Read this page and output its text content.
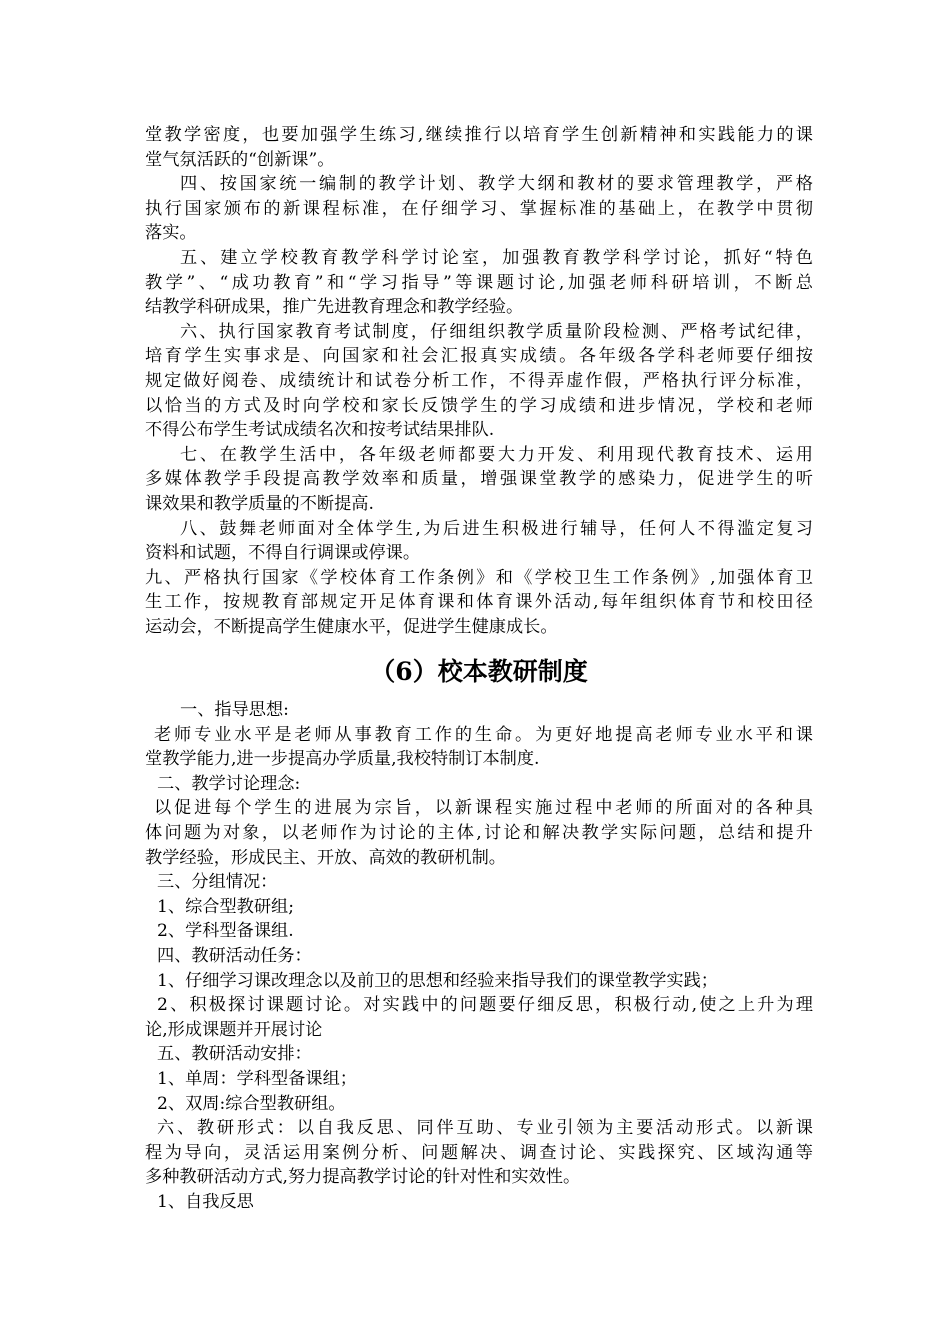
堂教学密度，也要加强学生练习,继续推行以培育学生创新精神和实践能力的课
堂气氛活跃的“创新课”。
四、按国家统一编制的教学计划、教学大纲和教材的要求管理教学，严格
执行国家颁布的新课程标准，在仔细学习、掌握标准的基础上，在教学中贯彻
落实。
五、建立学校教育教学科学讨论室，加强教育教学科学讨论，抓好“特色
教学”、“成功教育”和“学习指导”等课题讨论,加强老师科研培训，不断总
结教学科研成果，推广先进教育理念和教学经验。
六、执行国家教育考试制度，仔细组织教学质量阶段检测、严格考试纪律，
培育学生实事求是、向国家和社会汇报真实成绩。各年级各学科老师要仔细按
规定做好阅卷、成绩统计和试卷分析工作，不得弄虚作假，严格执行评分标准，
以恰当的方式及时向学校和家长反馈学生的学习成绩和进步情况，学校和老师
不得公布学生考试成绩名次和按考试结果排队.
七、在教学生活中，各年级老师都要大力开发、利用现代教育技术、运用
多媒体教学手段提高教学效率和质量，增强课堂教学的感染力，促进学生的听
课效果和教学质量的不断提高.
八、鼓舞老师面对全体学生,为后进生积极进行辅导，任何人不得滥定复习
资料和试题，不得自行调课或停课。
九、严格执行国家《学校体育工作条例》和《学校卫生工作条例》,加强体育卫
生工作，按规教育部规定开足体育课和体育课外活动,每年组织体育节和校田径
运动会，不断提高学生健康水平，促进学生健康成长。
（6）校本教研制度
一、指导思想:
老师专业水平是老师从事教育工作的生命。为更好地提高老师专业水平和课
堂教学能力,进一步提高办学质量,我校特制订本制度.
二、教学讨论理念:
以促进每个学生的进展为宗旨，以新课程实施过程中老师的所面对的各种具
体问题为对象，以老师作为讨论的主体,讨论和解决教学实际问题，总结和提升
教学经验，形成民主、开放、高效的教研机制。
三、分组情况：
1、综合型教研组;
2、学科型备课组.
四、教研活动任务：
1、仔细学习课改理念以及前卫的思想和经验来指导我们的课堂教学实践；
2、积极探讨课题讨论。对实践中的问题要仔细反思，积极行动,使之上升为理
论,形成课题并开展讨论
五、教研活动安排：
1、单周：学科型备课组；
2、双周:综合型教研组。
六、教研形式：以自我反思、同伴互助、专业引领为主要活动形式。以新课
程为导向，灵活运用案例分析、问题解决、调查讨论、实践探究、区域沟通等
多种教研活动方式,努力提高教学讨论的针对性和实效性。
1、自我反思
